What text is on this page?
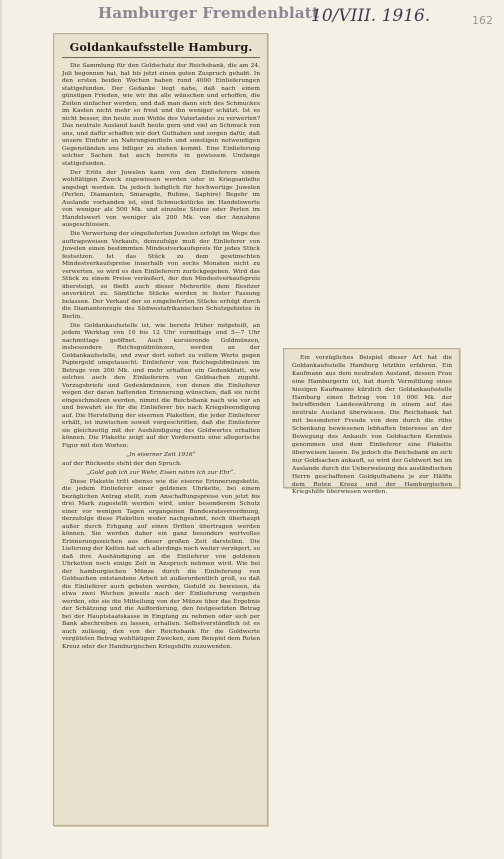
Hamburger Fremdenblatt
10/VIII. 1916.	162
Goldankaufsstelle Hamburg.

Die Sammlung für den Goldschatz der Reichsbank, die am 24. Juli begonnen hat, hat bis jetzt einen guten Zuspruch gehabt. In den ersten beiden Wochen haben rund 4000 Einlieferungen stattgefunden. Der Gedanke liegt nahe, daß nach einem günstigen Frieden, wie wir ihn alle wünschen und erhoffen, die Zeiten einfacher werden, und daß man dann sich des Schmuckes im Kasten nicht mehr so freut und ihn weniger schätzt. Ist es nicht besser, ihn heute zum Wohle des Vaterlandes zu verwerten? Das neutrale Ausland kauft heute gern und viel an Schmuck von uns, und dafür schaffen wir dort Guthaben und sorgen dafür, daß unsere Einfuhr an Nahrungsmitteln und sonstigen notwendigen Gegenständen uns billiger zu stehen kommt. Eine Einlieferung solcher Sachen hat auch bereits in gewissem Umfange stattgefunden.

Der Erlös der Juwelen kann von den Einlieferern einem wohltätigen Zweck zugewiesen werden oder in Kriegsanleihe angelegt werden. Da jedoch lediglich für hochwertige Juwelen (Perlen, Diamanten, Smaragde, Rubine, Saphire) Begehr im Auslande vorhanden ist, sind Schmuckstücke im Handelswerte von weniger als 500 Mk. und einzelne Steine oder Perlen im Handelswert von weniger als 200 Mk. von der Annahme ausgeschlossen.

Die Verwertung der eingelieferten Juwelen erfolgt im Wege des auftragsweisen Verkaufs, demzufolge muß der Einlieferer von Juwelen einen bestimmten Mindestverkaufspreis für jedes Stück festsetzen. Ist das Stück zu dem gewünschten Mindestverkaufspreise innerhalb von sechs Monaten nicht zu verwerten, so wird es den Einlieferern zurückgegeben. Wird das Stück zu einem Preise veräußert, der den Mindestverkaufspreis übersteigt, so fließt auch dieser Mehrerlös dem Besitzer unverkürzt zu. Sämtliche Stücke werden in fester Fassung belassen. Der Verkauf der so eingelieferten Stücke erfolgt durch die Diamantenregie des Südwestafrikanischen Schutzgebietes in Berlin.

Die Goldankaufsstelle ist, wie bereits früher mitgeteilt, an jedem Werktag von 10 bis 12 Uhr vormittags und 5—7 Uhr nachmittags geöffnet. Auch kursierende Goldmünzen, insbesondere Reichsgoldmünzen, werden an der Goldankaufsstelle, und zwar dort sofort zu vollem Werte gegen Papiergeld umgetauscht. Einlieferer von Reichsgoldmünzen im Betrage von 200 Mk. und mehr erhalten ein Gedenkblatt, wie solches auch den Einlieferern von Goldsachen zugeht. Vorzugsbriefe und Gedenkmünzen, von denen die Einlieferer wegen der daran haftenden Erinnerung wünschen, daß sie nicht eingeschmolzen werden, nimmt die Reichsbank nach wie vor an und bewahrt sie für die Einlieferer bis nach Kriegsbeendigung auf. Die Herstellung der eisernen Plaketten, die jeder Einlieferer erhält, ist inzwischen soweit vorgeschritten, daß die Einlieferer sie gleichzeitig mit der Aushändigung des Goldwertes erhalten können. Die Plakette zeigt auf der Vorderseite eine allegorische Figur mit den Worten:

„In eiserner Zeit 1916“

auf der Rückseite steht der den Spruch:

„Gold gab ich zur Wehr, Eisen nahm ich zur Ehr“.

Diese Plakette tritt ebenso wie die eiserne Erinnerungskette, die jedem Einlieferer einer goldenen Uhrkette, bei einem bezüglichen Antrag stellt, zum Anschaffungspreise von jetzt bis drei Mark zugestellt werden wird, unter besonderem Schutz einer vor wenigen Tagen ergangenen Bundesratsverordnung, derzufolge diese Plaketten weder nachgeahmt, noch überhaupt außer durch Erhgang auf einen Dritten übertragen werden können. Sie werden daher ein ganz besonders wertvolles Erinnerungszeichen aus dieser großen Zeit darstellen. Die Lieferung der Ketten hat sich allerdings noch weiter verzögert, so daß ihre Aushändigung an die Einlieferer von goldenen Uhrketten noch einige Zeit in Anspruch nehmen wird. Wie bei der hamburgischen Münze durch die Einlieferung von Goldsachen entstandene Arbeit ist außerordentlich groß, so daß die Einlieferer auch gebeten werden, Geduld zu beweisen, da etwa zwei Wochen jeweils nach der Einlieferung vergehen werden, ehe sie die Mitteilung von der Münze über das Ergebnis der Schätzung und die Aufforderung, den festgesetzten Betrag bei der Hauptstaatskasse in Empfang zu nehmen oder sich per Bank abschreiben zu lassen, erhalten. Selbstverständlich ist es auch zulässig, den von der Reichsbank für die Goldwerte vergüteten Betrag wohltätigen Zwecken, zum Beispiel dem Roten Kreuz oder der Hamburgischen Kriegshilfe zuzuwenden.

Ein vorzügliches Beispiel dieser Art hat die Goldankaufsstelle Hamburg letzthin erfahren. Ein Kaufmann aus dem neutralen Ausland, dessen Frau eine Hamburgerin ist, hat durch Vermittlung eines hiesigen Kaufmanns kürzlich der Goldankaufsstelle Hamburg einen Betrag von 10 000 Mk. der betreffenden Landeswährung in einem auf das neutrale Ausland überwiesen. Die Reichsbank hat mit besonderer Freude von dem durch die rühe Schenkung bewiesenen lebhaften Interesse an der Bewegung des Ankaufs von Goldsachen Kenntnis genommen und dem Einlieferer eine Plakette überweisen lassen. Da jedoch die Reichsbank an sich nur Goldsachen ankauft, so wird der Geldwert bei im Auslande durch die Ueberweisung des ausländischen Herrn geschaffenen Goldguthabens je zur Hälfte dem Roten Kreuz und der Hamburgischen Kriegshilfe überwiesen werden.
